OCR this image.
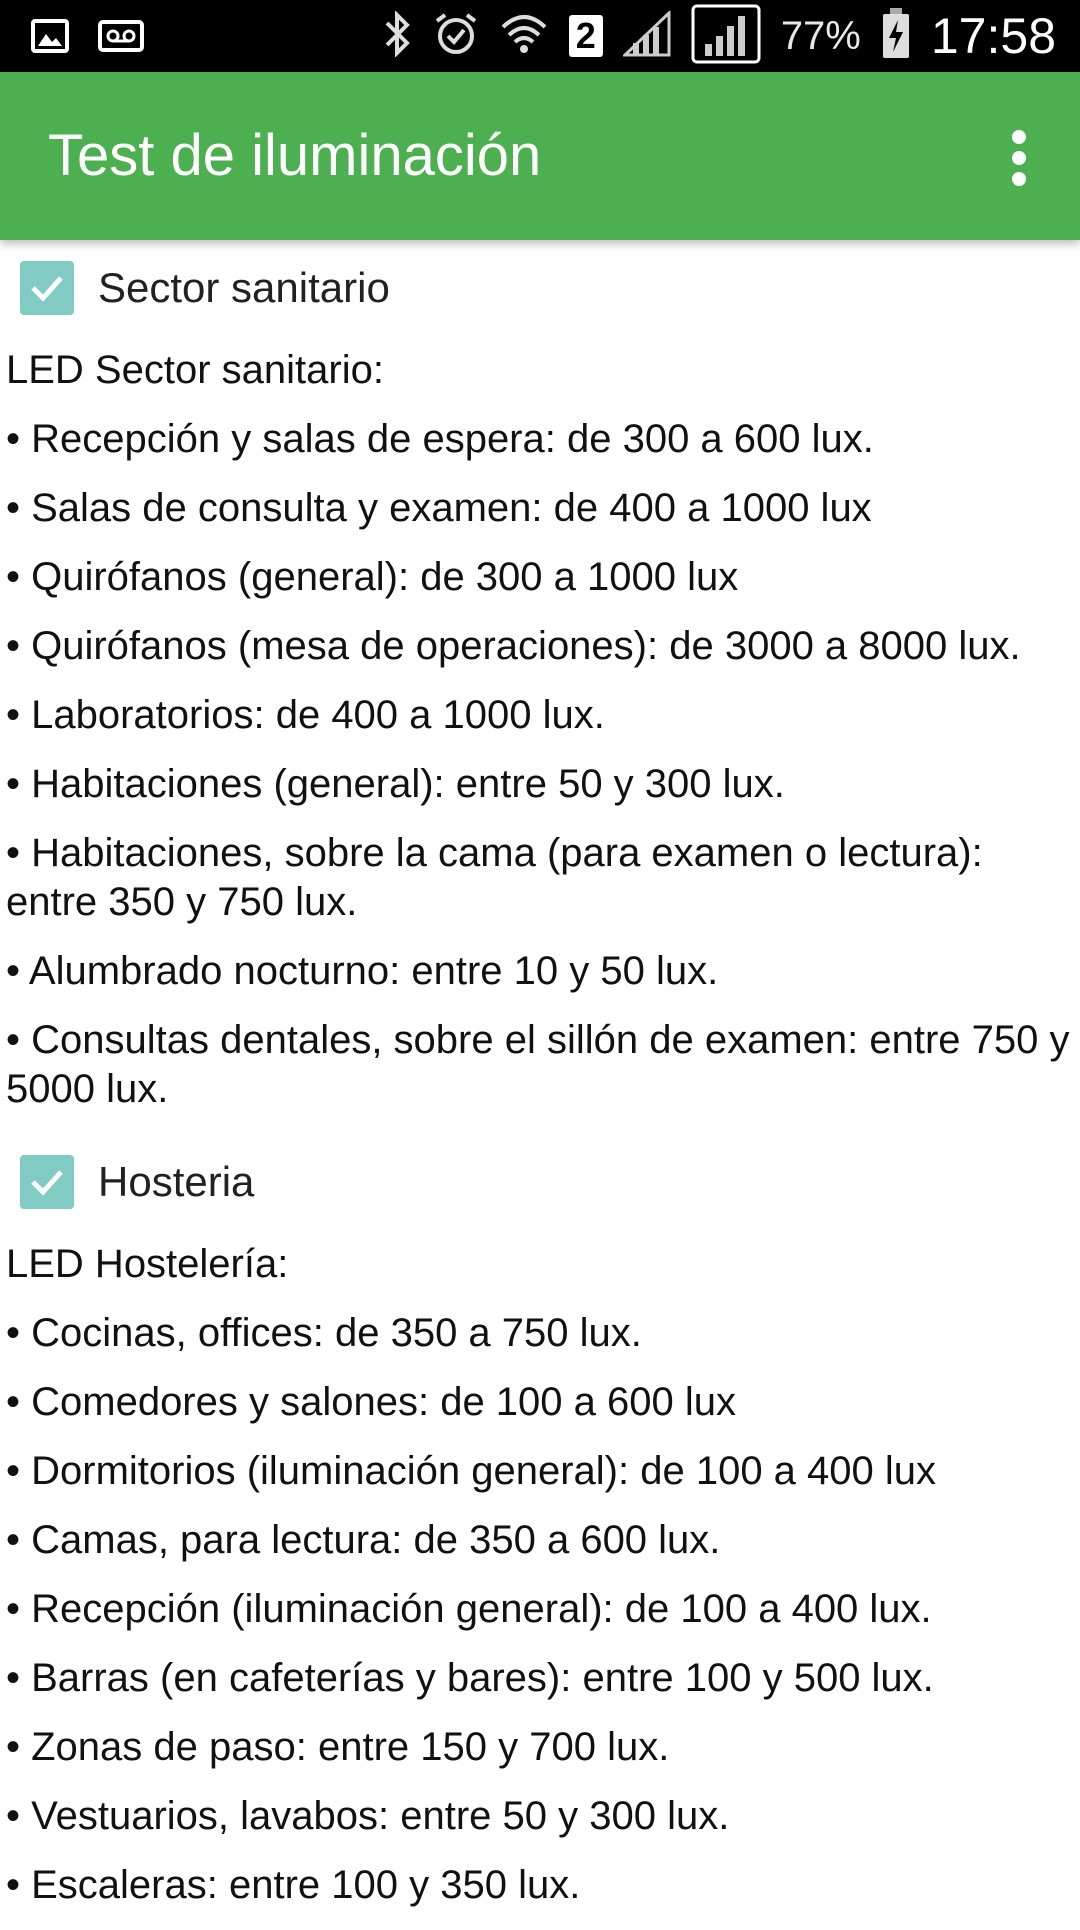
2	77% 17:58
Test de iluminación
Sector sanitario

LED Sector sanitario:

• Recepción y salas de espera: de 300 a 600 lux.

• Salas de consulta y examen: de 400 a 1000 lux

• Quirófanos (general): de 300 a 1000 lux

• Quirófanos (mesa de operaciones): de 3000 a 8000 lux.

• Laboratorios: de 400 a 1000 lux.

• Habitaciones (general): entre 50 y 300 lux.

• Habitaciones, sobre la cama (para examen o lectura): entre 350 y 750 lux.

• Alumbrado nocturno: entre 10 y 50 lux.

• Consultas dentales, sobre el sillón de examen: entre 750 y 5000 lux.

Hosteria

LED Hostelería:

• Cocinas, offices: de 350 a 750 lux.

• Comedores y salones: de 100 a 600 lux

• Dormitorios (iluminación general): de 100 a 400 lux

• Camas, para lectura: de 350 a 600 lux.

• Recepción (iluminación general): de 100 a 400 lux.

• Barras (en cafeterías y bares): entre 100 y 500 lux.

• Zonas de paso: entre 150 y 700 lux.

• Vestuarios, lavabos: entre 50 y 300 lux.

• Escaleras: entre 100 y 350 lux.
